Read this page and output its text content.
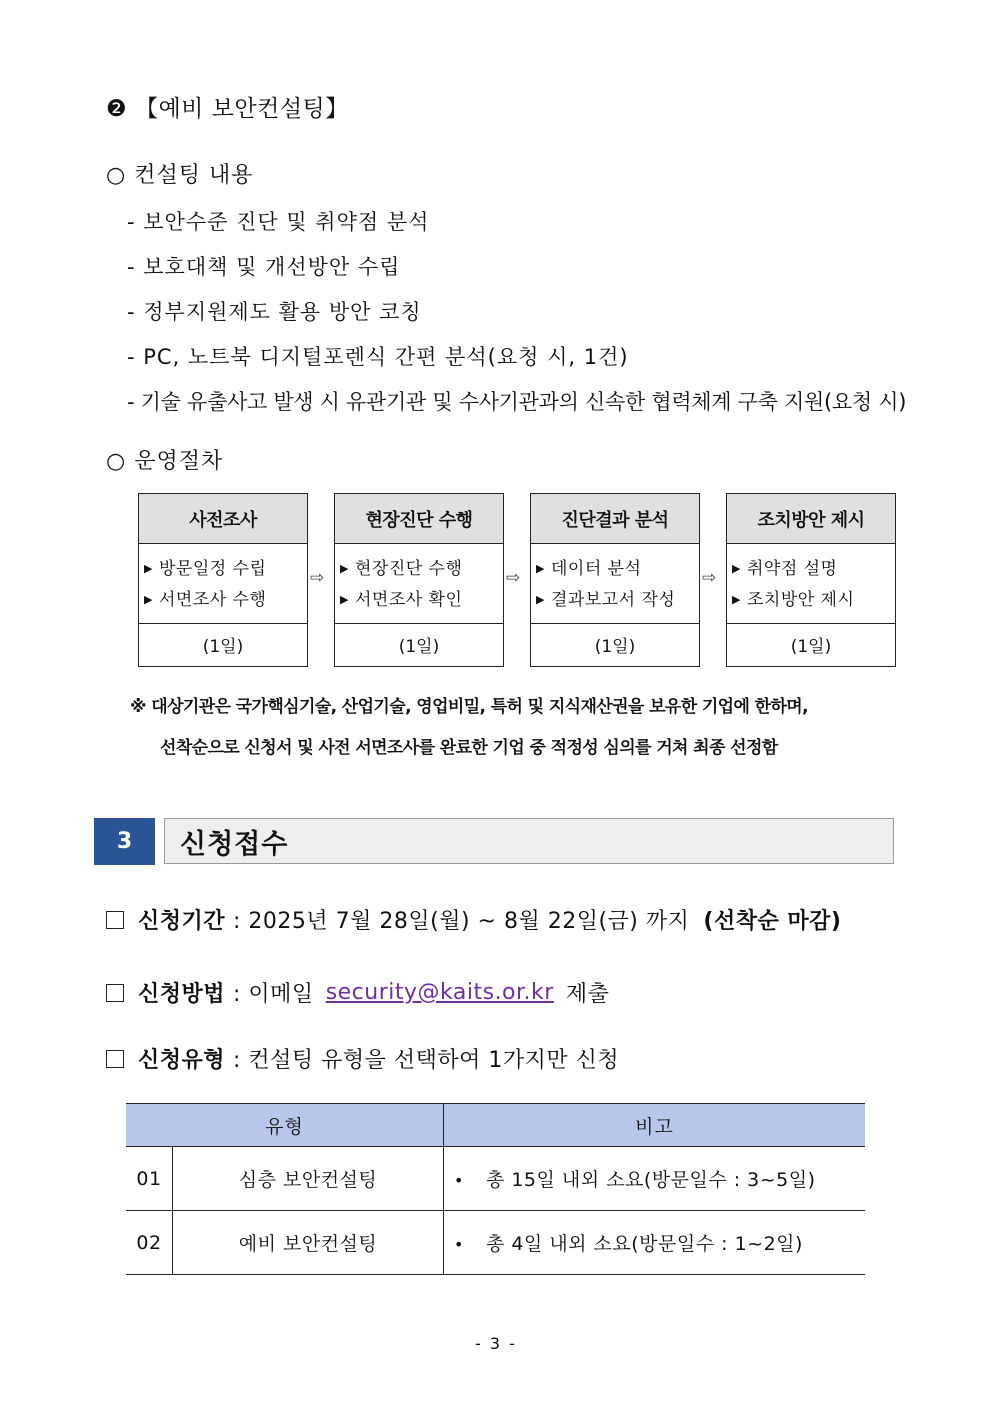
❷ 【예비 보안컨설팅】
○ 컨설팅 내용
- 보안수준 진단 및 취약점 분석
- 보호대책 및 개선방안 수립
- 정부지원제도 활용 방안 코칭
- PC, 노트북 디지털포렌식 간편 분석(요청 시, 1건)
- 기술 유출사고 발생 시 유관기관 및 수사기관과의 신속한 협력체계 구축 지원(요청 시)
○ 운영절차
사전조사
▶ 방문일정 수립
▶ 서면조사 수행
(1일)
⇨
현장진단 수행
▶ 현장진단 수행
▶ 서면조사 확인
(1일)
⇨
진단결과 분석
▶ 데이터 분석
▶ 결과보고서 작성
(1일)
⇨
조치방안 제시
▶ 취약점 설명
▶ 조치방안 제시
(1일)
※ 대상기관은 국가핵심기술, 산업기술, 영업비밀, 특허 및 지식재산권을 보유한 기업에 한하며,
선착순으로 신청서 및 사전 서면조사를 완료한 기업 중 적정성 심의를 거쳐 최종 선정함
3	신청접수
신청기간 : 2025년 7월 28일(월) ~ 8월 22일(금) 까지 (선착순 마감)
신청방법 : 이메일 security@kaits.or.kr 제출
신청유형 : 컨설팅 유형을 선택하여 1가지만 신청
유형		비고
01	심층 보안컨설팅	• 총 15일 내외 소요(방문일수 : 3~5일)
02	예비 보안컨설팅	• 총 4일 내외 소요(방문일수 : 1~2일)
- 3 -
